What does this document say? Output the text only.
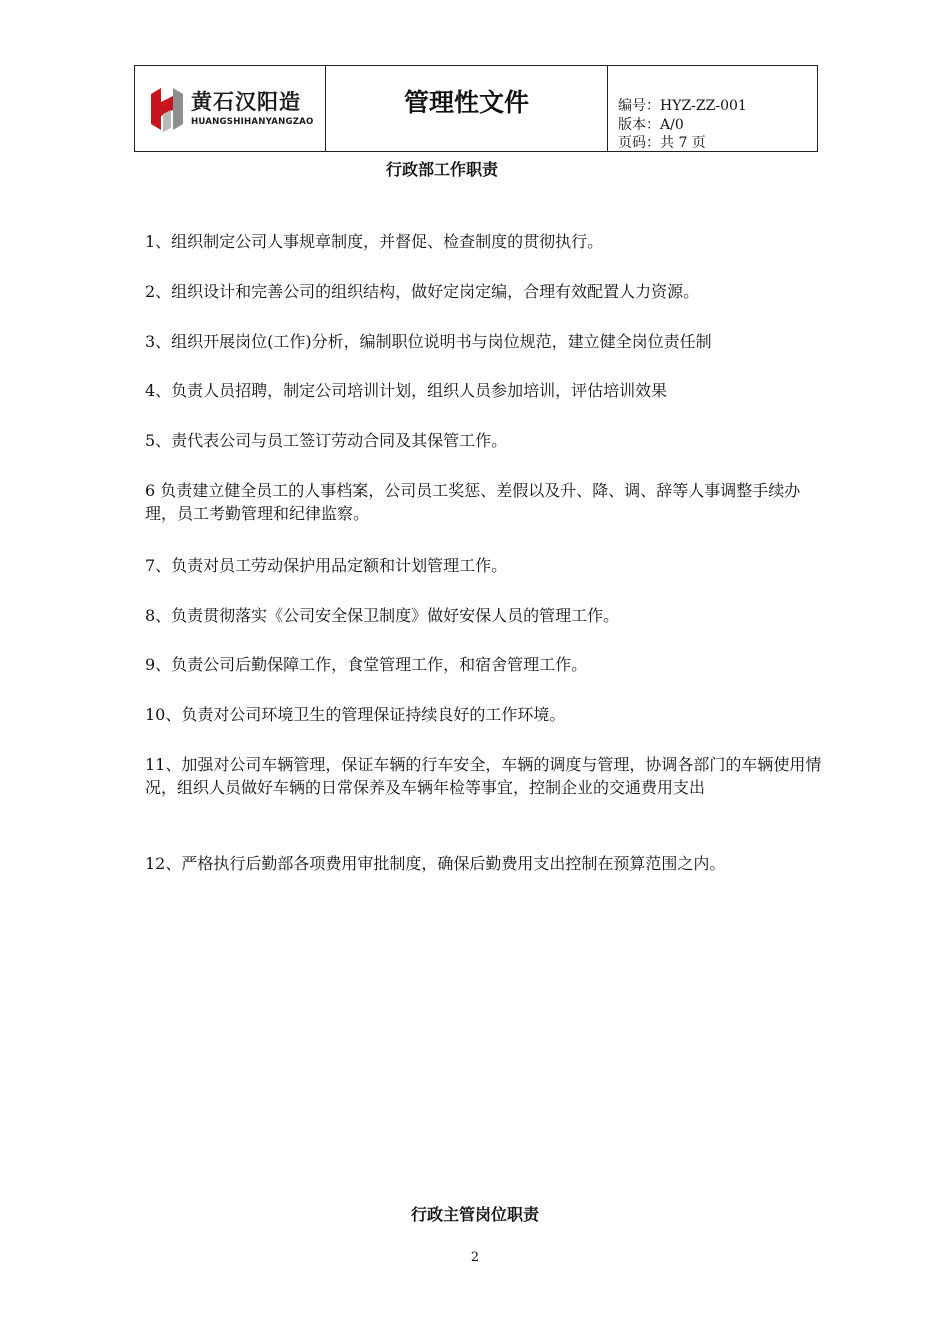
黄石汉阳造
HUANGSHIHANYANGZAO
管理性文件	编号：HYZ-ZZ-001
版本：A/0
页码：共 7 页
行政部工作职责
1、组织制定公司人事规章制度，并督促、检查制度的贯彻执行。
2、组织设计和完善公司的组织结构，做好定岗定编，合理有效配置人力资源。
3、组织开展岗位(工作)分析，编制职位说明书与岗位规范，建立健全岗位责任制
4、负责人员招聘，制定公司培训计划，组织人员参加培训，评估培训效果
5、责代表公司与员工签订劳动合同及其保管工作。
6 负责建立健全员工的人事档案，公司员工奖惩、差假以及升、降、调、辞等人事调整手续办理，员工考勤管理和纪律监察。
7、负责对员工劳动保护用品定额和计划管理工作。
8、负责贯彻落实《公司安全保卫制度》做好安保人员的管理工作。
9、负责公司后勤保障工作，食堂管理工作，和宿舍管理工作。
10、负责对公司环境卫生的管理保证持续良好的工作环境。
11、加强对公司车辆管理，保证车辆的行车安全，车辆的调度与管理，协调各部门的车辆使用情况，组织人员做好车辆的日常保养及车辆年检等事宜，控制企业的交通费用支出
12、严格执行后勤部各项费用审批制度，确保后勤费用支出控制在预算范围之内。
行政主管岗位职责
2
